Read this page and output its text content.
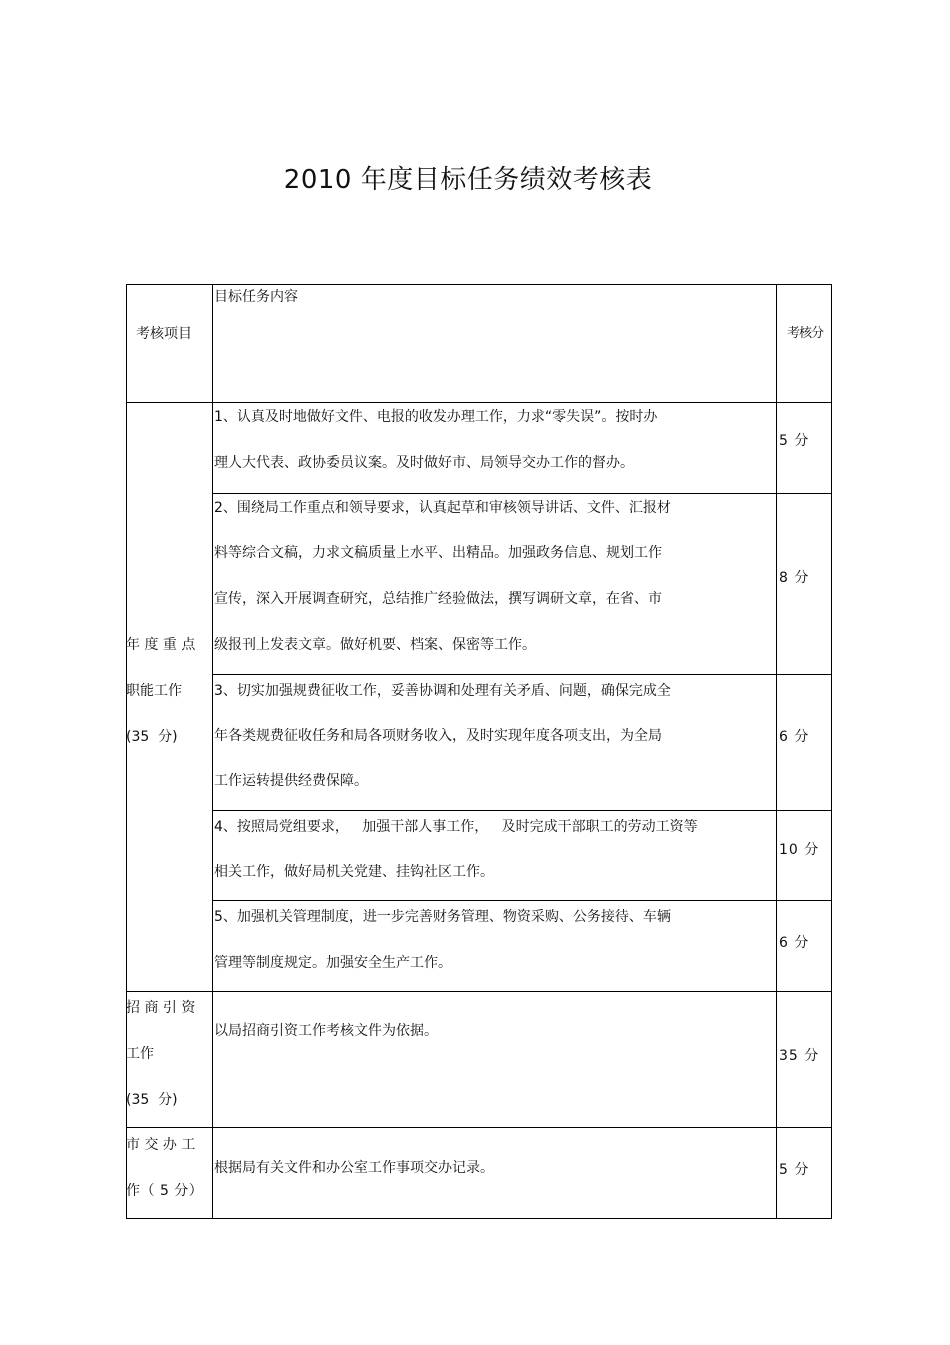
2010 年度目标任务绩效考核表
考核项目
目标任务内容
考核分
年 度 重 点
职能工作
(35  分)
1、认真及时地做好文件、电报的收发办理工作，力求“零失误”。按时办
理人大代表、政协委员议案。及时做好市、局领导交办工作的督办。
5 分
2、围绕局工作重点和领导要求，认真起草和审核领导讲话、文件、汇报材
料等综合文稿，力求文稿质量上水平、出精品。加强政务信息、规划工作
宣传，深入开展调查研究，总结推广经验做法，撰写调研文章，在省、市
级报刊上发表文章。做好机要、档案、保密等工作。
8 分
3、切实加强规费征收工作，妥善协调和处理有关矛盾、问题，确保完成全
年各类规费征收任务和局各项财务收入，及时实现年度各项支出，为全局
工作运转提供经费保障。
6 分
4、按照局党组要求，   加强干部人事工作，   及时完成干部职工的劳动工资等
相关工作，做好局机关党建、挂钩社区工作。
10 分
5、加强机关管理制度，进一步完善财务管理、物资采购、公务接待、车辆
管理等制度规定。加强安全生产工作。
6 分
招 商 引 资
工作
(35  分)
以局招商引资工作考核文件为依据。
35 分
市 交 办 工
作（ 5 分）
根据局有关文件和办公室工作事项交办记录。	5 分
